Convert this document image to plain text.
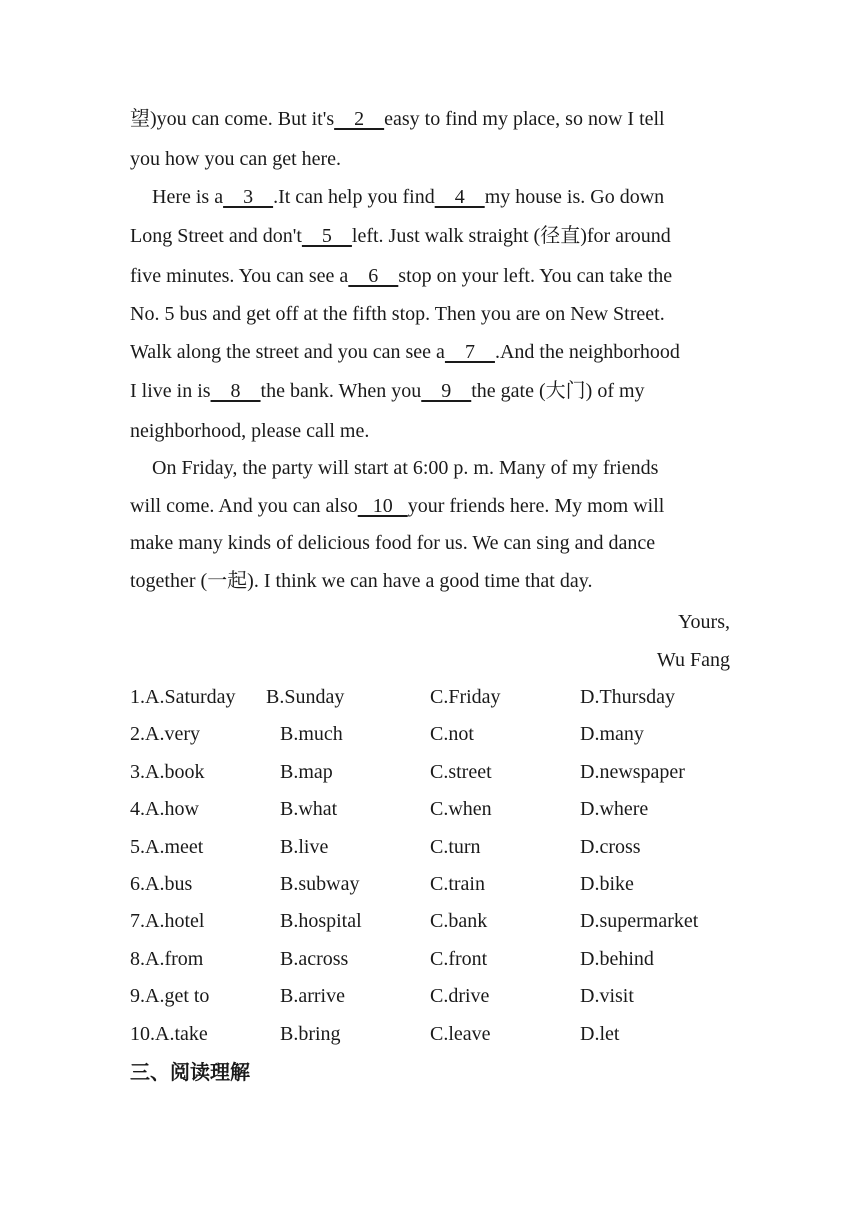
望)you can come. But it's    2    easy to find my place, so now I tell
you how you can get here.
Here is a    3    .It can help you find    4    my house is. Go down
Long Street and don't    5    left. Just walk straight (径直)for around
five minutes. You can see a    6    stop on your left. You can take the
No. 5 bus and get off at the fifth stop. Then you are on New Street.
Walk along the street and you can see a    7    .And the neighborhood
I live in is    8    the bank. When you    9    the gate (大门) of my
neighborhood, please call me.
On Friday, the party will start at 6:00 p. m. Many of my friends
will come. And you can also   10   your friends here. My mom will
make many kinds of delicious food for us. We can sing and dance
together (一起). I think we can have a good time that day.
Yours,
Wu Fang
1.A.Saturday B.Sunday	C.Friday	D.Thursday
2.A.very	B.much	C.not	D.many
3.A.book	B.map	C.street	D.newspaper
4.A.how	B.what	C.when	D.where
5.A.meet	B.live	C.turn	D.cross
6.A.bus	B.subway	C.train	D.bike
7.A.hotel	B.hospital	C.bank	D.supermarket
8.A.from	B.across	C.front	D.behind
9.A.get to	B.arrive	C.drive	D.visit
10.A.take	B.bring	C.leave	D.let
三、阅读理解
